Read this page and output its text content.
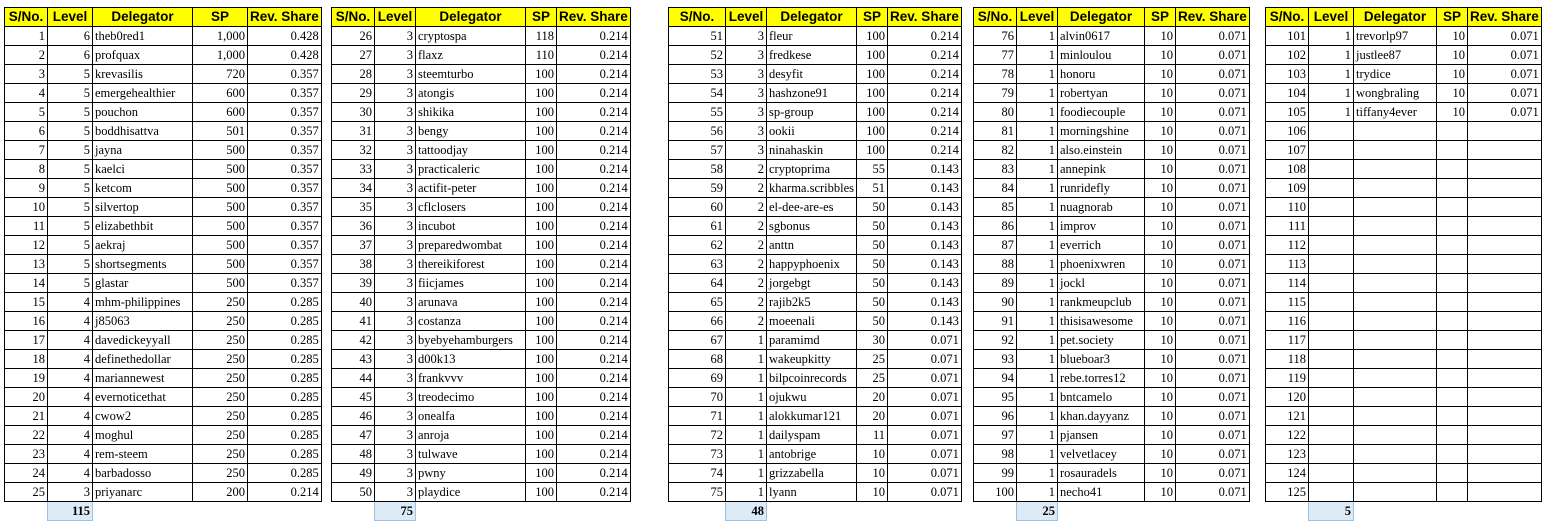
S/No.	Level	Delegator	SP	Rev. Share
1	6	theb0red1	1,000	0.428
2	6	profquax	1,000	0.428
3	5	krevasilis	720	0.357
4	5	emergehealthier	600	0.357
5	5	pouchon	600	0.357
6	5	boddhisattva	501	0.357
7	5	jayna	500	0.357
8	5	kaelci	500	0.357
9	5	ketcom	500	0.357
10	5	silvertop	500	0.357
11	5	elizabethbit	500	0.357
12	5	aekraj	500	0.357
13	5	shortsegments	500	0.357
14	5	glastar	500	0.357
15	4	mhm-philippines	250	0.285
16	4	j85063	250	0.285
17	4	davedickeyyall	250	0.285
18	4	definethedollar	250	0.285
19	4	mariannewest	250	0.285
20	4	evernoticethat	250	0.285
21	4	cwow2	250	0.285
22	4	moghul	250	0.285
23	4	rem-steem	250	0.285
24	4	barbadosso	250	0.285
25	3	priyanarc	200	0.214
	115			
S/No.	Level	Delegator	SP	Rev. Share
26	3	cryptospa	118	0.214
27	3	flaxz	110	0.214
28	3	steemturbo	100	0.214
29	3	atongis	100	0.214
30	3	shikika	100	0.214
31	3	bengy	100	0.214
32	3	tattoodjay	100	0.214
33	3	practicaleric	100	0.214
34	3	actifit-peter	100	0.214
35	3	cflclosers	100	0.214
36	3	incubot	100	0.214
37	3	preparedwombat	100	0.214
38	3	thereikiforest	100	0.214
39	3	fiicjames	100	0.214
40	3	arunava	100	0.214
41	3	costanza	100	0.214
42	3	byebyehamburgers	100	0.214
43	3	d00k13	100	0.214
44	3	frankvvv	100	0.214
45	3	treodecimo	100	0.214
46	3	onealfa	100	0.214
47	3	anroja	100	0.214
48	3	tulwave	100	0.214
49	3	pwny	100	0.214
50	3	playdice	100	0.214
	75			
S/No.	Level	Delegator	SP	Rev. Share
51	3	fleur	100	0.214
52	3	fredkese	100	0.214
53	3	desyfit	100	0.214
54	3	hashzone91	100	0.214
55	3	sp-group	100	0.214
56	3	ookii	100	0.214
57	3	ninahaskin	100	0.214
58	2	cryptoprima	55	0.143
59	2	kharma.scribbles	51	0.143
60	2	el-dee-are-es	50	0.143
61	2	sgbonus	50	0.143
62	2	anttn	50	0.143
63	2	happyphoenix	50	0.143
64	2	jorgebgt	50	0.143
65	2	rajib2k5	50	0.143
66	2	moeenali	50	0.143
67	1	paramimd	30	0.071
68	1	wakeupkitty	25	0.071
69	1	bilpcoinrecords	25	0.071
70	1	ojukwu	20	0.071
71	1	alokkumar121	20	0.071
72	1	dailyspam	11	0.071
73	1	antobrige	10	0.071
74	1	grizzabella	10	0.071
75	1	lyann	10	0.071
	48			
S/No.	Level	Delegator	SP	Rev. Share
76	1	alvin0617	10	0.071
77	1	minloulou	10	0.071
78	1	honoru	10	0.071
79	1	robertyan	10	0.071
80	1	foodiecouple	10	0.071
81	1	morningshine	10	0.071
82	1	also.einstein	10	0.071
83	1	annepink	10	0.071
84	1	runridefly	10	0.071
85	1	nuagnorab	10	0.071
86	1	improv	10	0.071
87	1	everrich	10	0.071
88	1	phoenixwren	10	0.071
89	1	jockl	10	0.071
90	1	rankmeupclub	10	0.071
91	1	thisisawesome	10	0.071
92	1	pet.society	10	0.071
93	1	blueboar3	10	0.071
94	1	rebe.torres12	10	0.071
95	1	bntcamelo	10	0.071
96	1	khan.dayyanz	10	0.071
97	1	pjansen	10	0.071
98	1	velvetlacey	10	0.071
99	1	rosauradels	10	0.071
100	1	necho41	10	0.071
	25			
S/No.	Level	Delegator	SP	Rev. Share
101	1	trevorlp97	10	0.071
102	1	justlee87	10	0.071
103	1	trydice	10	0.071
104	1	wongbraling	10	0.071
105	1	tiffany4ever	10	0.071
106				
107				
108				
109				
110				
111				
112				
113				
114				
115				
116				
117				
118				
119				
120				
121				
122				
123				
124				
125				
	5			
